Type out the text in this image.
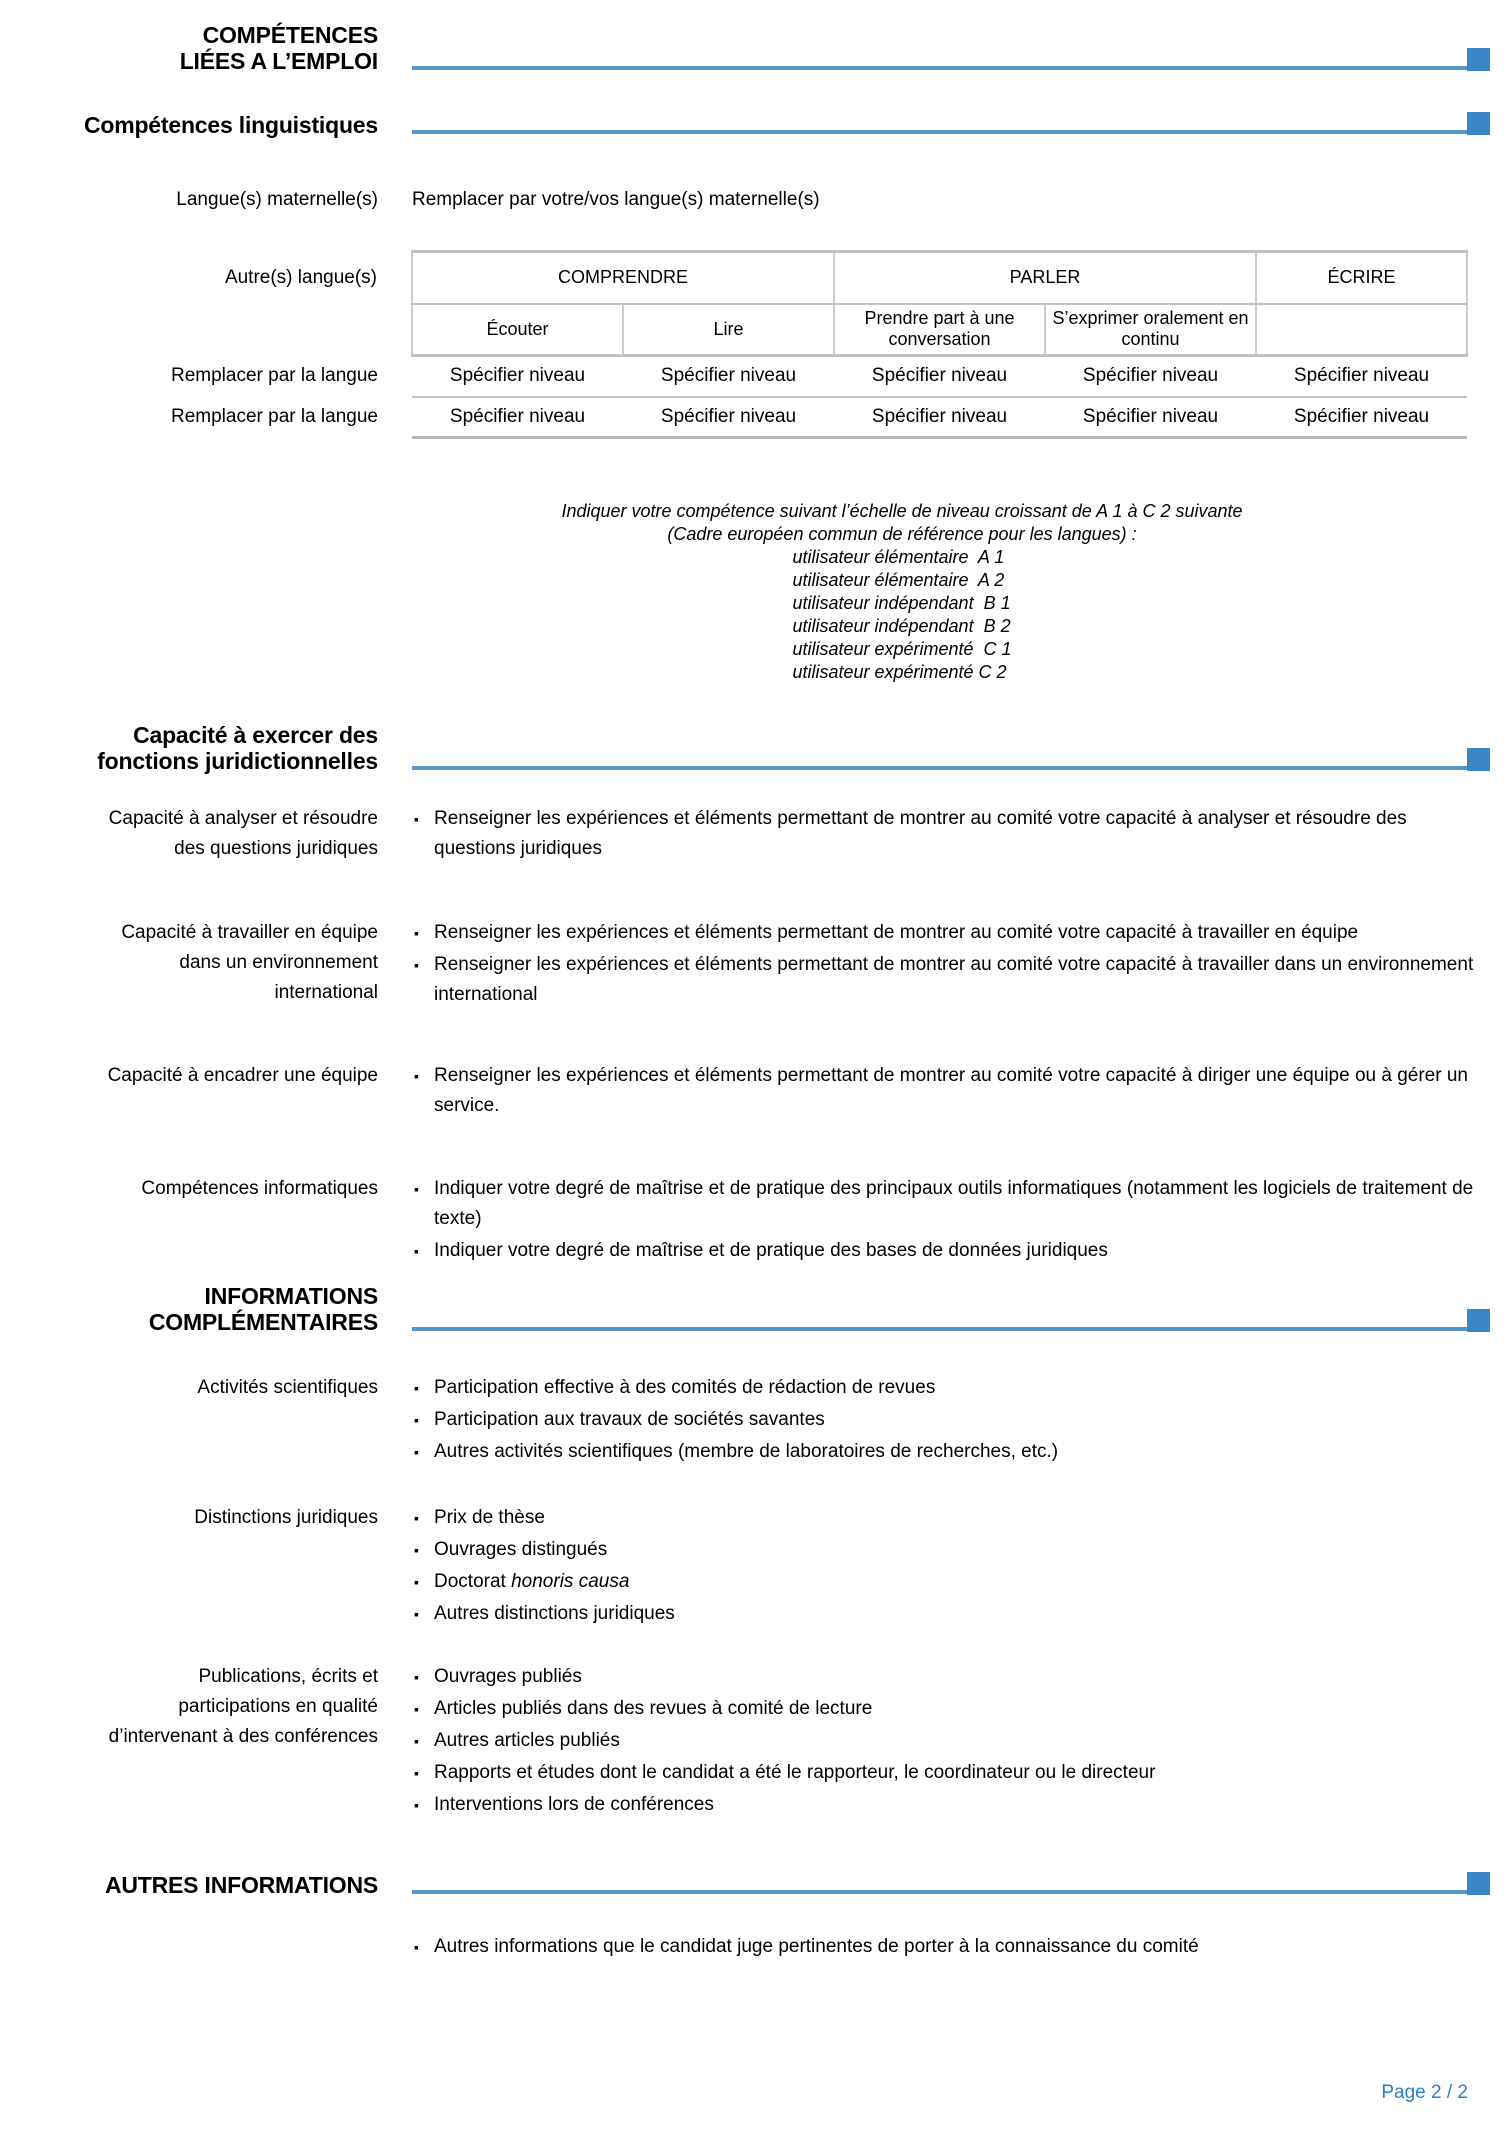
COMPÉTENCES
LIÉES A L’EMPLOI
Compétences linguistiques
Langue(s) maternelle(s) Remplacer par votre/vos langue(s) maternelle(s)
Autre(s) langue(s)	COMPRENDRE		PARLER		ÉCRIRE
	Écouter	Lire	Prendre part à une conversation	S’exprimer oralement en continu	
Remplacer par la langue	Spécifier niveau	Spécifier niveau	Spécifier niveau	Spécifier niveau	Spécifier niveau
Remplacer par la langue	Spécifier niveau	Spécifier niveau	Spécifier niveau	Spécifier niveau	Spécifier niveau
Indiquer votre compétence suivant l’échelle de niveau croissant de A 1 à C 2 suivante
(Cadre européen commun de référence pour les langues) :
utilisateur élémentaire  A 1
utilisateur élémentaire  A 2
utilisateur indépendant  B 1
utilisateur indépendant  B 2
utilisateur expérimenté  C 1
utilisateur expérimenté C 2
Capacité à exercer des
fonctions juridictionnelles
Capacité à analyser et résoudre
des questions juridiques
▪ Renseigner les expériences et éléments permettant de montrer au comité votre capacité à analyser et résoudre des questions juridiques
Capacité à travailler en équipe
dans un environnement
international
▪ Renseigner les expériences et éléments permettant de montrer au comité votre capacité à travailler en équipe
▪ Renseigner les expériences et éléments permettant de montrer au comité votre capacité à travailler dans un environnement international
Capacité à encadrer une équipe	▪ Renseigner les expériences et éléments permettant de montrer au comité votre capacité à diriger une équipe ou à gérer un service.
Compétences informatiques	▪ Indiquer votre degré de maîtrise et de pratique des principaux outils informatiques (notamment les logiciels de traitement de texte)
▪ Indiquer votre degré de maîtrise et de pratique des bases de données juridiques
INFORMATIONS
COMPLÉMENTAIRES
Activités scientifiques	▪ Participation effective à des comités de rédaction de revues
▪ Participation aux travaux de sociétés savantes
▪ Autres activités scientifiques (membre de laboratoires de recherches, etc.)
Distinctions juridiques	▪ Prix de thèse
▪ Ouvrages distingués
▪ Doctorat honoris causa
▪ Autres distinctions juridiques
Publications, écrits et
participations en qualité
d’intervenant à des conférences
▪ Ouvrages publiés
▪ Articles publiés dans des revues à comité de lecture
▪ Autres articles publiés
▪ Rapports et études dont le candidat a été le rapporteur, le coordinateur ou le directeur
▪ Interventions lors de conférences
AUTRES INFORMATIONS
▪ Autres informations que le candidat juge pertinentes de porter à la connaissance du comité
Page 2 / 2
